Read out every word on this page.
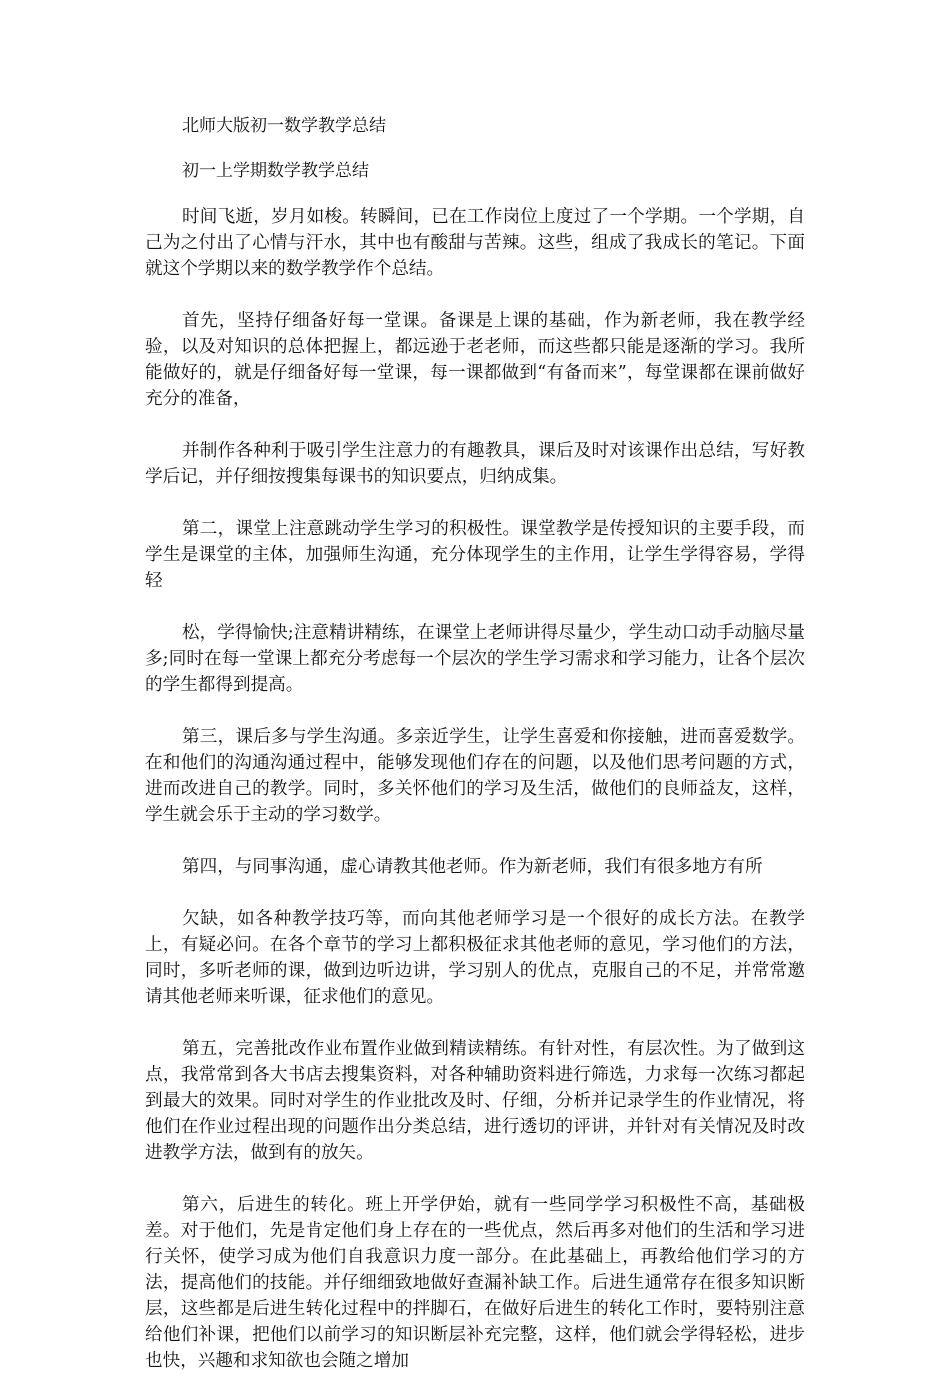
北师大版初一数学教学总结
初一上学期数学教学总结

时间飞逝，岁月如梭。转瞬间，已在工作岗位上度过了一个学期。一个学期，自己为之付出了心情与汗水，其中也有酸甜与苦辣。这些，组成了我成长的笔记。下面就这个学期以来的数学教学作个总结。

首先，坚持仔细备好每一堂课。备课是上课的基础，作为新老师，我在教学经验，以及对知识的总体把握上，都远逊于老老师，而这些都只能是逐渐的学习。我所能做好的，就是仔细备好每一堂课，每一课都做到“有备而来”，每堂课都在课前做好充分的准备，

并制作各种利于吸引学生注意力的有趣教具，课后及时对该课作出总结，写好教学后记，并仔细按搜集每课书的知识要点，归纳成集。

第二，课堂上注意跳动学生学习的积极性。课堂教学是传授知识的主要手段，而学生是课堂的主体，加强师生沟通，充分体现学生的主作用，让学生学得容易，学得轻

松，学得愉快;注意精讲精练，在课堂上老师讲得尽量少，学生动口动手动脑尽量多;同时在每一堂课上都充分考虑每一个层次的学生学习需求和学习能力，让各个层次的学生都得到提高。

第三，课后多与学生沟通。多亲近学生，让学生喜爱和你接触，进而喜爱数学。在和他们的沟通沟通过程中，能够发现他们存在的问题，以及他们思考问题的方式，进而改进自己的教学。同时，多关怀他们的学习及生活，做他们的良师益友，这样，学生就会乐于主动的学习数学。

第四，与同事沟通，虚心请教其他老师。作为新老师，我们有很多地方有所

欠缺，如各种教学技巧等，而向其他老师学习是一个很好的成长方法。在教学上，有疑必问。在各个章节的学习上都积极征求其他老师的意见，学习他们的方法，同时，多听老师的课，做到边听边讲，学习别人的优点，克服自己的不足，并常常邀请其他老师来听课，征求他们的意见。

第五，完善批改作业布置作业做到精读精练。有针对性，有层次性。为了做到这点，我常常到各大书店去搜集资料，对各种辅助资料进行筛选，力求每一次练习都起到最大的效果。同时对学生的作业批改及时、仔细，分析并记录学生的作业情况，将他们在作业过程出现的问题作出分类总结，进行透切的评讲，并针对有关情况及时改进教学方法，做到有的放矢。

第六，后进生的转化。班上开学伊始，就有一些同学学习积极性不高，基础极差。对于他们，先是肯定他们身上存在的一些优点，然后再多对他们的生活和学习进行关怀，使学习成为他们自我意识力度一部分。在此基础上，再教给他们学习的方法，提高他们的技能。并仔细细致地做好查漏补缺工作。后进生通常存在很多知识断层，这些都是后进生转化过程中的拌脚石，在做好后进生的转化工作时，要特别注意给他们补课，把他们以前学习的知识断层补充完整，这样，他们就会学得轻松，进步也快，兴趣和求知欲也会随之增加
